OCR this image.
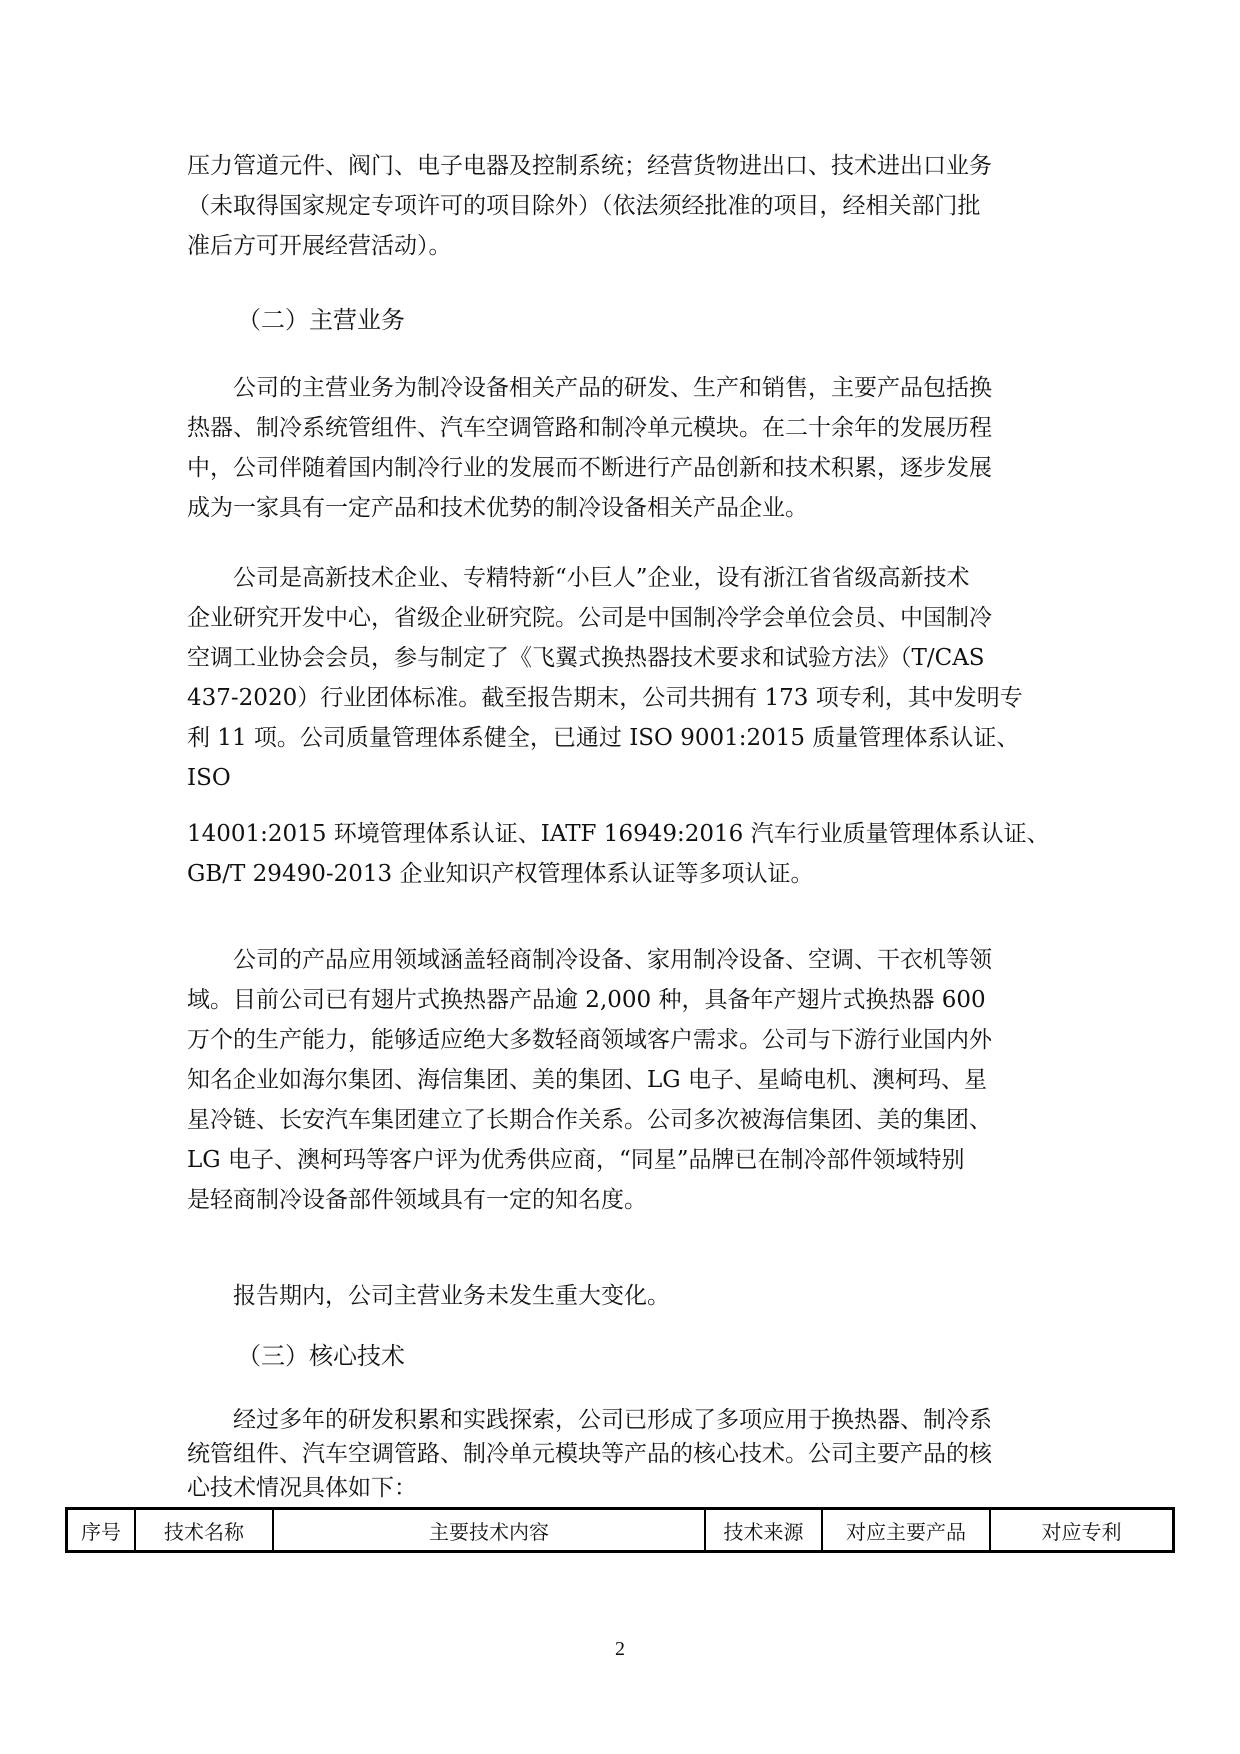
压力管道元件、阀门、电子电器及控制系统；经营货物进出口、技术进出口业务
（未取得国家规定专项许可的项目除外）（依法须经批准的项目，经相关部门批
准后方可开展经营活动）。
（二）主营业务
公司的主营业务为制冷设备相关产品的研发、生产和销售，主要产品包括换
热器、制冷系统管组件、汽车空调管路和制冷单元模块。在二十余年的发展历程
中，公司伴随着国内制冷行业的发展而不断进行产品创新和技术积累，逐步发展
成为一家具有一定产品和技术优势的制冷设备相关产品企业。
公司是高新技术企业、专精特新“小巨人”企业，设有浙江省省级高新技术
企业研究开发中心，省级企业研究院。公司是中国制冷学会单位会员、中国制冷
空调工业协会会员，参与制定了《飞翼式换热器技术要求和试验方法》（T/CAS
437-2020）行业团体标准。截至报告期末，公司共拥有 173 项专利，其中发明专
利 11 项。公司质量管理体系健全，已通过 ISO 9001:2015 质量管理体系认证、
ISO
14001:2015 环境管理体系认证、IATF 16949:2016 汽车行业质量管理体系认证、
GB/T 29490-2013 企业知识产权管理体系认证等多项认证。
公司的产品应用领域涵盖轻商制冷设备、家用制冷设备、空调、干衣机等领
域。目前公司已有翅片式换热器产品逾 2,000 种，具备年产翅片式换热器 600
万个的生产能力，能够适应绝大多数轻商领域客户需求。公司与下游行业国内外
知名企业如海尔集团、海信集团、美的集团、LG 电子、星崎电机、澳柯玛、星
星冷链、长安汽车集团建立了长期合作关系。公司多次被海信集团、美的集团、
LG 电子、澳柯玛等客户评为优秀供应商，“同星”品牌已在制冷部件领域特别
是轻商制冷设备部件领域具有一定的知名度。
报告期内，公司主营业务未发生重大变化。
（三）核心技术
经过多年的研发积累和实践探索，公司已形成了多项应用于换热器、制冷系
统管组件、汽车空调管路、制冷单元模块等产品的核心技术。公司主要产品的核
心技术情况具体如下：
序号	技术名称	主要技术内容	技术来源	对应主要产品	对应专利
2
